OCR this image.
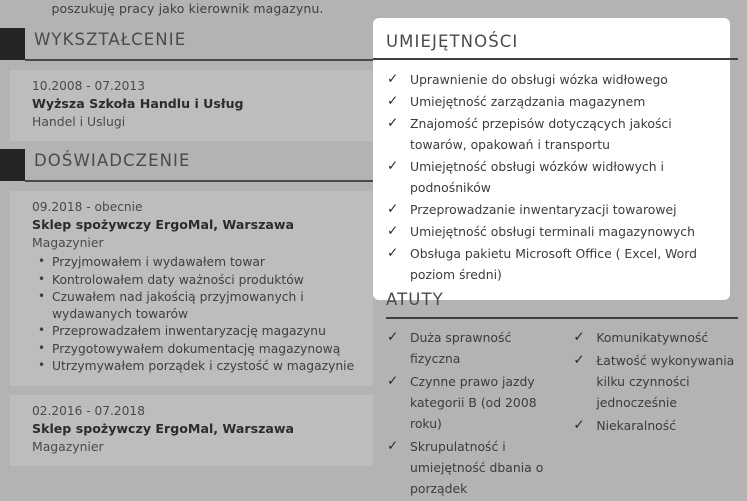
poszukuję pracy jako kierownik magazynu.
WYKSZTAŁCENIE
10.2008 - 07.2013
Wyższa Szkoła Handlu i Usług
Handel i Uslugi
DOŚWIADCZENIE
09.2018 - obecnie
Sklep spożywczy ErgoMal, Warszawa
Magazynier
• Przyjmowałem i wydawałem towar
• Kontrolowałem daty ważności produktów
• Czuwałem nad jakością przyjmowanych i wydawanych towarów
• Przeprowadzałem inwentaryzację magazynu
• Przygotowywałem dokumentację magazynową
• Utrzymywałem porządek i czystość w magazynie
02.2016 - 07.2018
Sklep spożywczy ErgoMal, Warszawa
Magazynier
UMIEJĘTNOŚCI
✓ Uprawnienie do obsługi wózka widłowego
✓ Umiejętność zarządzania magazynem
✓ Znajomość przepisów dotyczących jakości towarów, opakowań i transportu
✓ Umiejętność obsługi wózków widłowych i podnośników
✓ Przeprowadzanie inwentaryzacji towarowej
✓ Umiejętność obsługi terminali magazynowych
✓ Obsługa pakietu Microsoft Office ( Excel, Word poziom średni)
ATUTY
✓ Duża sprawność fizyczna
✓ Czynne prawo jazdy kategorii B (od 2008 roku)
✓ Skrupulatność i umiejętność dbania o porządek
✓ Komunikatywność
✓ Łatwość wykonywania kilku czynności jednocześnie
✓ Niekaralność
